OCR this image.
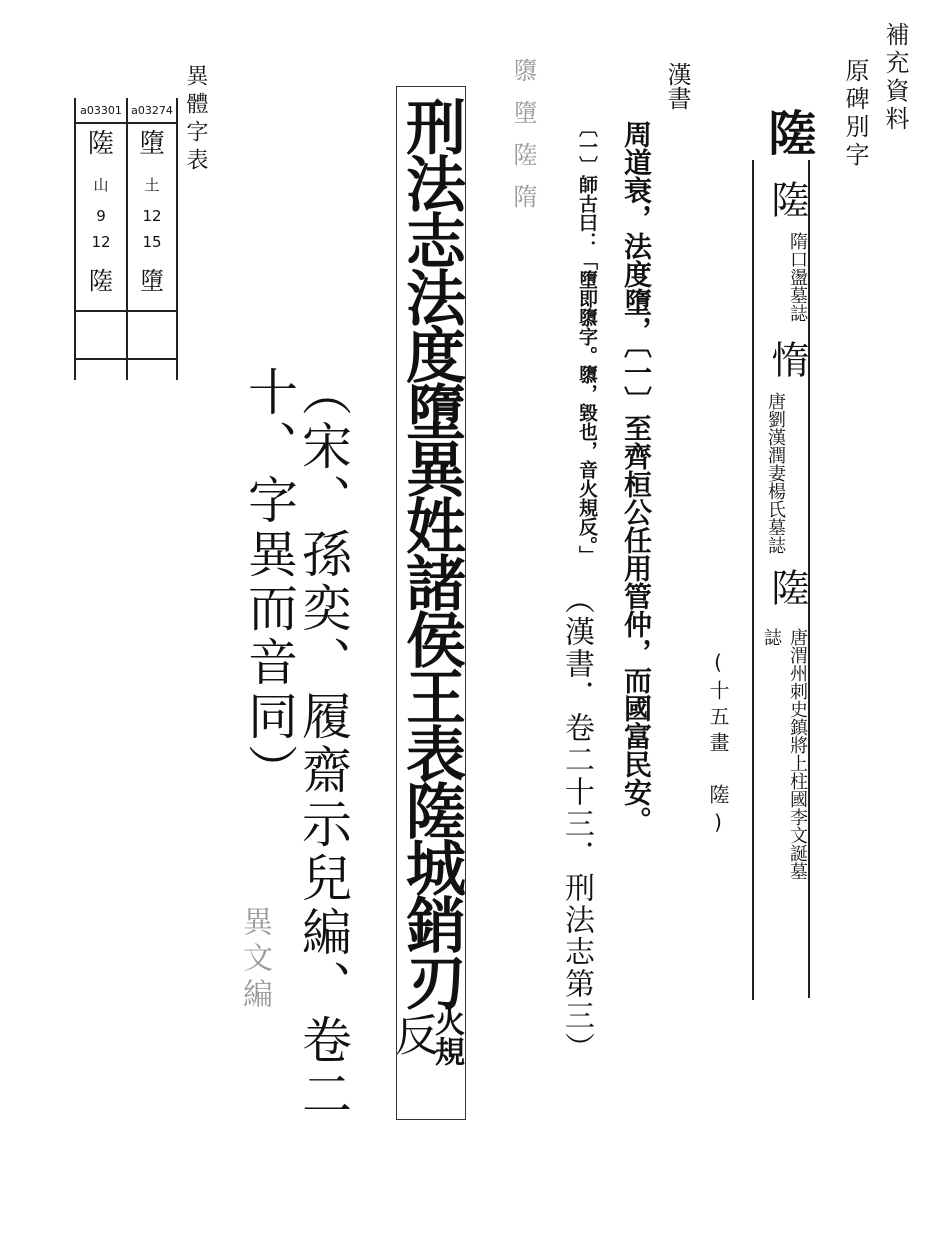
補充資料
原碑別字
隓
隓
隋口盪墓誌
惰
唐劉漢潤妻楊氏墓誌
隓
唐渭州刺史鎮將上柱國李文誕墓誌
(十五畫　隓)
漢書
周道衰，法度墮，〔一〕至齊桓公任用管仲，而國富民安。
〔一〕師古曰：「墮即隳字。隳，毀也，音火規反。」
（漢書．卷二十三．刑法志第三）
隳墮隓隋
刑法志法度墮異姓諸侯王表隓城銷刃
反
火規
（宋、孫奕、履齋示兒編、卷二十、字異而音同）
異文編
異體字表
a03301
隓
山
9
12
隓
a03274
墮
土
12
15
墮
